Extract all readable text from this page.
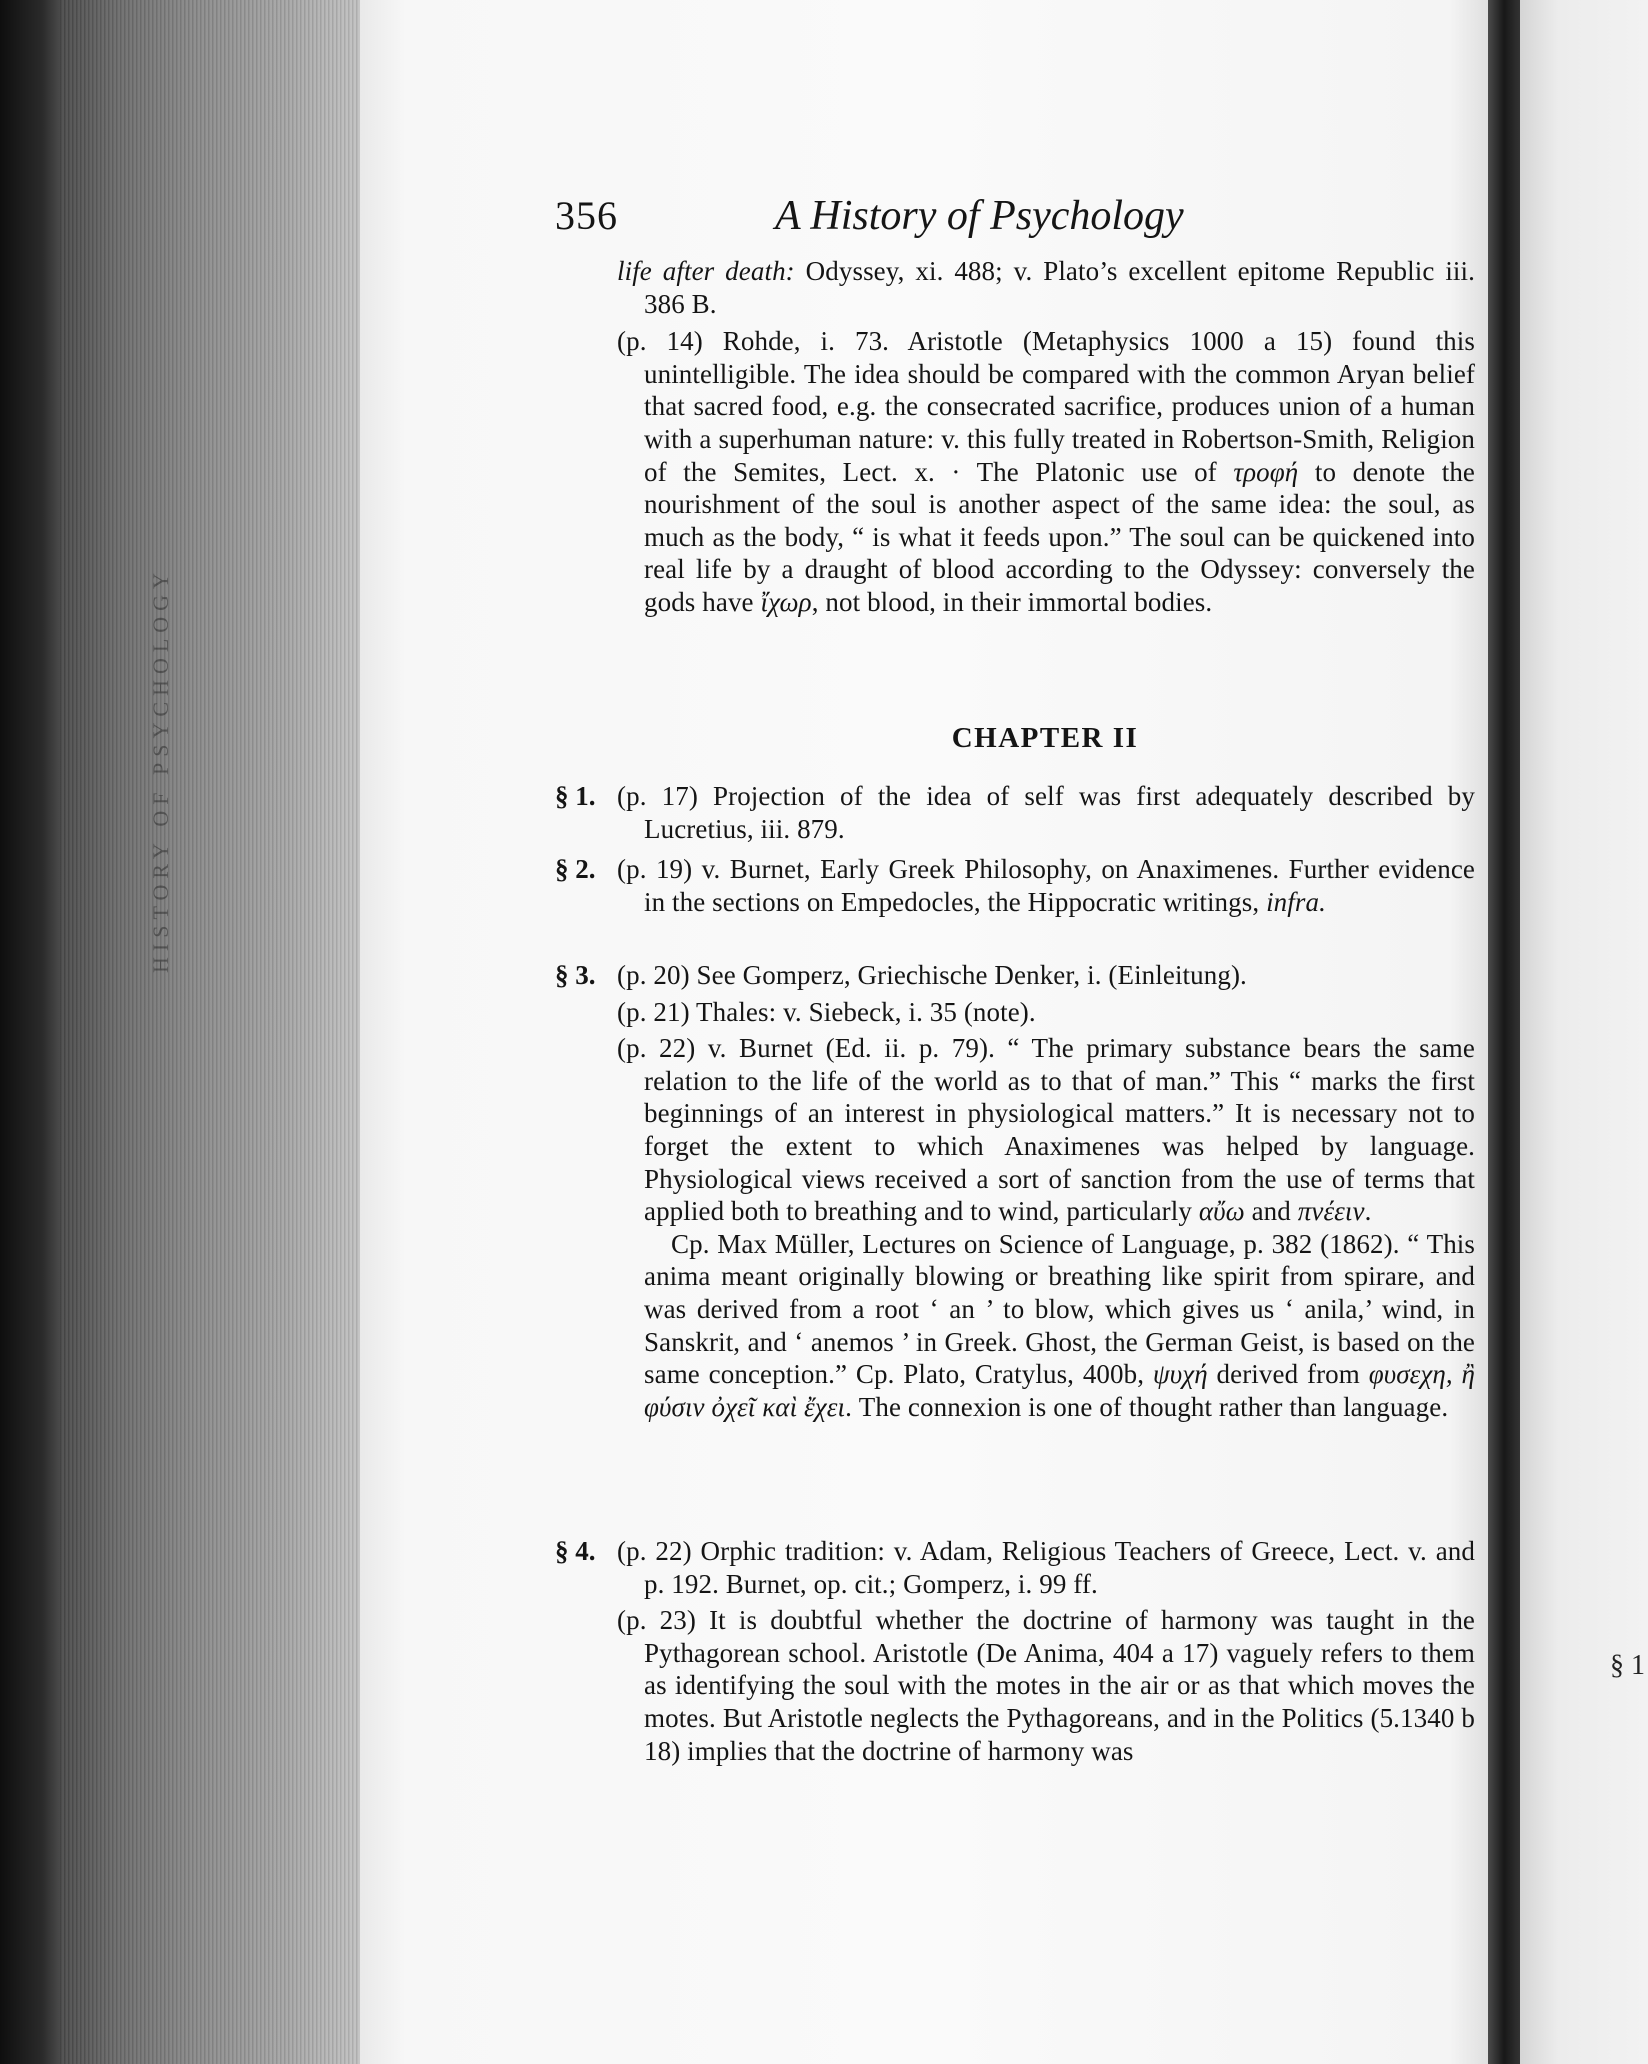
HISTORY OF PSYCHOLOGY
356	A History of Psychology

life after death: Odyssey, xi. 488; v. Plato’s excellent epitome Republic iii. 386 B.

(p. 14) Rohde, i. 73. Aristotle (Metaphysics 1000 a 15) found this unintelligible. The idea should be compared with the common Aryan belief that sacred food, e.g. the consecrated sacrifice, produces union of a human with a superhuman nature: v. this fully treated in Robertson-Smith, Religion of the Semites, Lect. x. · The Platonic use of τροφή to denote the nourishment of the soul is another aspect of the same idea: the soul, as much as the body, “ is what it feeds upon.” The soul can be quickened into real life by a draught of blood according to the Odyssey: conversely the gods have ἴχωρ, not blood, in their immortal bodies.

CHAPTER II
§ 1. (p. 17) Projection of the idea of self was first adequately described by Lucretius, iii. 879.

§ 2. (p. 19) v. Burnet, Early Greek Philosophy, on Anaximenes. Further evidence in the sections on Empedocles, the Hippocratic writings, infra.

§ 3. (p. 20) See Gomperz, Griechische Denker, i. (Einleitung).

(p. 21) Thales: v. Siebeck, i. 35 (note).

(p. 22) v. Burnet (Ed. ii. p. 79). “ The primary substance bears the same relation to the life of the world as to that of man.” This “ marks the first beginnings of an interest in physiological matters.” It is necessary not to forget the extent to which Anaximenes was helped by language. Physiological views received a sort of sanction from the use of terms that applied both to breathing and to wind, particularly αὔω and πνέειν.

Cp. Max Müller, Lectures on Science of Language, p. 382 (1862). “ This anima meant originally blowing or breathing like spirit from spirare, and was derived from a root ‘ an ’ to blow, which gives us ‘ anila,’ wind, in Sanskrit, and ‘ anemos ’ in Greek. Ghost, the German Geist, is based on the same conception.” Cp. Plato, Cratylus, 400b, ψυχή derived from φυσεχη, ἢ φύσιν ὀχεῖ καὶ ἔχει. The connexion is one of thought rather than language.

§ 4. (p. 22) Orphic tradition: v. Adam, Religious Teachers of Greece, Lect. v. and p. 192. Burnet, op. cit.; Gomperz, i. 99 ff.

(p. 23) It is doubtful whether the doctrine of harmony was taught in the Pythagorean school. Aristotle (De Anima, 404 a 17) vaguely refers to them as identifying the soul with the motes in the air or as that which moves the motes. But Aristotle neglects the Pythagoreans, and in the Politics (5.1340 b 18) implies that the doctrine of harmony was

§ 1
